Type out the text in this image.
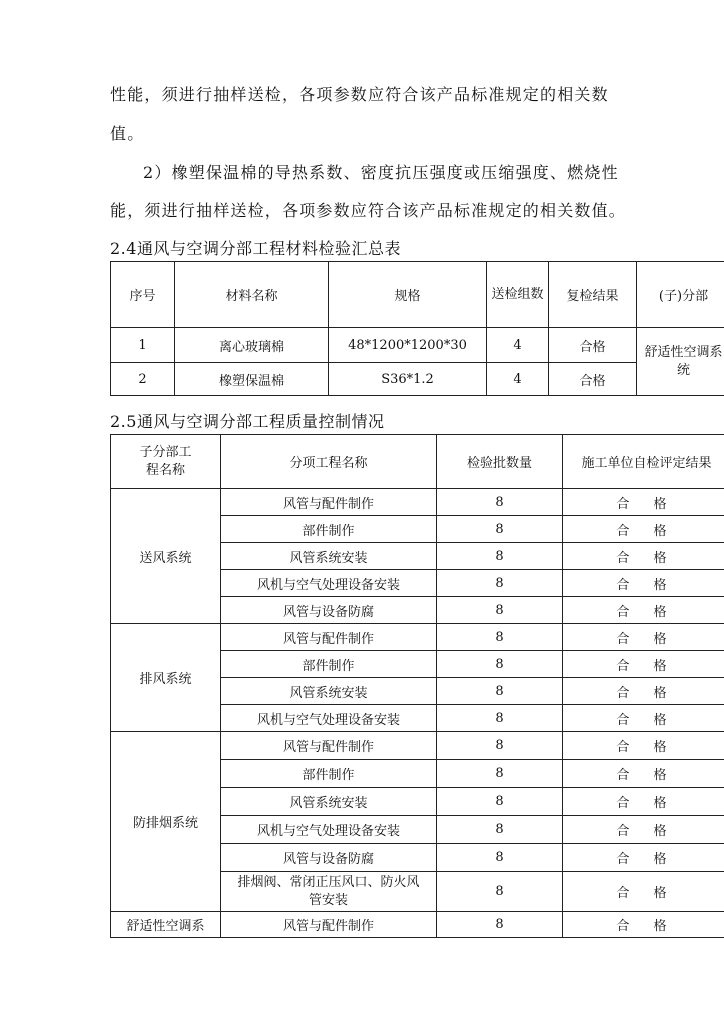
性能，须进行抽样送检，各项参数应符合该产品标准规定的相关数
值。
2）橡塑保温棉的导热系数、密度抗压强度或压缩强度、燃烧性
能，须进行抽样送检，各项参数应符合该产品标准规定的相关数值。
2.4通风与空调分部工程材料检验汇总表
序号	材料名称	规格	送检组数	复检结果	(子)分部
1	离心玻璃棉	48*1200*1200*30	4	合格	舒适性空调系统
2	橡塑保温棉	S36*1.2	4	合格	
2.5通风与空调分部工程质量控制情况
子分部工程名称	分项工程名称	检验批数量	施工单位自检评定结果
送风系统	风管与配件制作	8	合 格
	部件制作	8	合 格
	风管系统安装	8	合 格
	风机与空气处理设备安装	8	合 格
	风管与设备防腐	8	合 格
排风系统	风管与配件制作	8	合 格
	部件制作	8	合 格
	风管系统安装	8	合 格
	风机与空气处理设备安装	8	合 格
防排烟系统	风管与配件制作	8	合 格
	部件制作	8	合 格
	风管系统安装	8	合 格
	风机与空气处理设备安装	8	合 格
	风管与设备防腐	8	合 格
	排烟阀、常闭正压风口、防火风管安装	8	合 格
舒适性空调系	风管与配件制作	8	合 格
